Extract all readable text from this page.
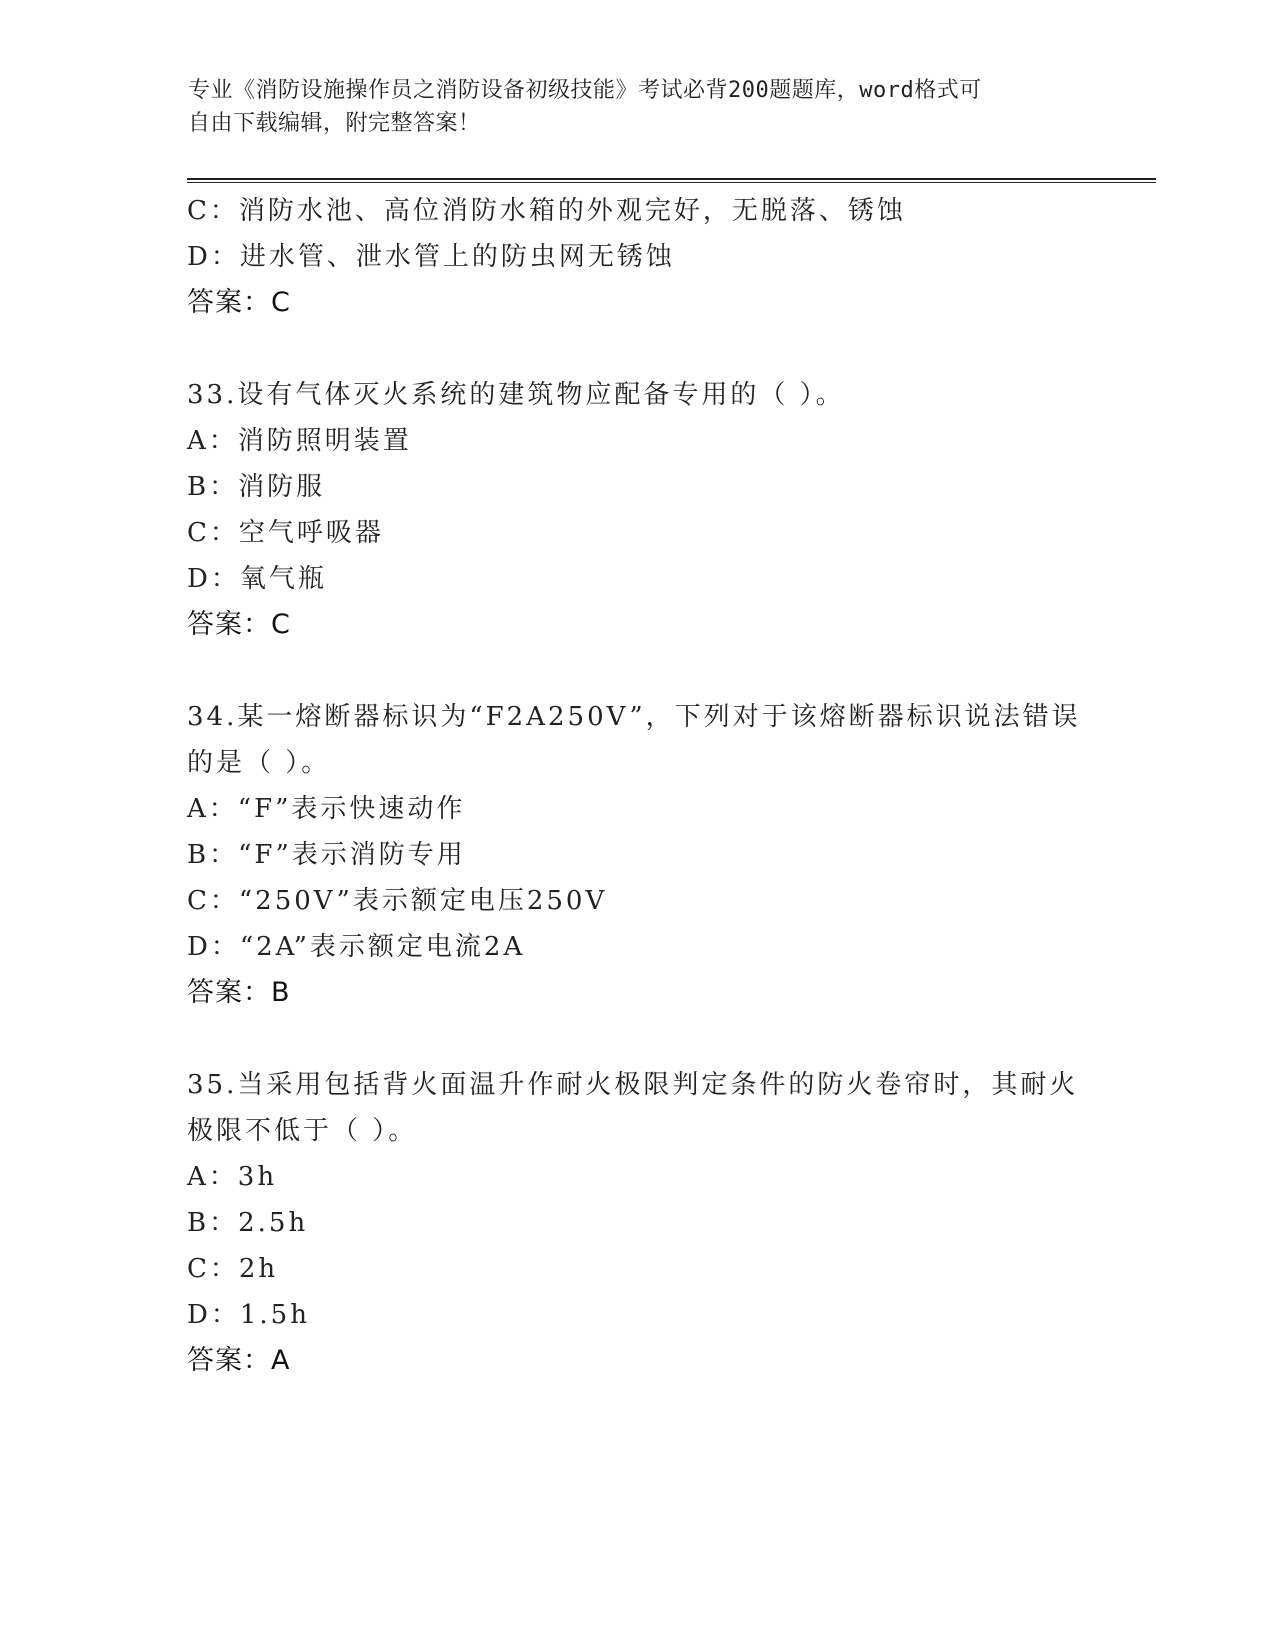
专业《消防设施操作员之消防设备初级技能》考试必背200题题库，word格式可
自由下载编辑，附完整答案！
C：消防水池、高位消防水箱的外观完好，无脱落、锈蚀
D：进水管、泄水管上的防虫网无锈蚀
答案：C
33.设有气体灭火系统的建筑物应配备专用的（ ）。
A：消防照明装置
B：消防服
C：空气呼吸器
D：氧气瓶
答案：C
34.某一熔断器标识为“F2A250V”，下列对于该熔断器标识说法错误
的是（ ）。
A：“F”表示快速动作
B：“F”表示消防专用
C：“250V”表示额定电压250V
D：“2A”表示额定电流2A
答案：B
35.当采用包括背火面温升作耐火极限判定条件的防火卷帘时，其耐火
极限不低于（ ）。
A：3h
B：2.5h
C：2h
D：1.5h
答案：A
